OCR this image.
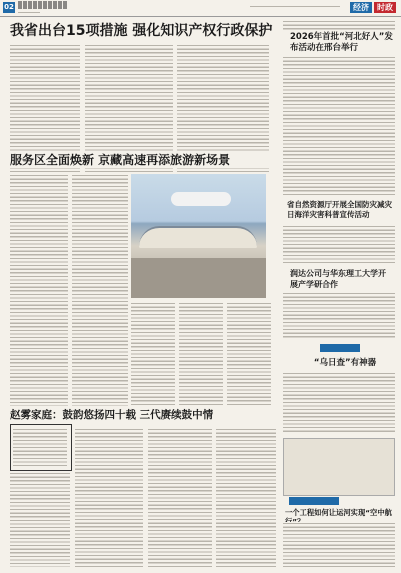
02	经济	时政
我省出台15项措施 强化知识产权行政保护 2026年首批“河北好人”发布活动在邢台举行
服务区全面焕新 京藏高速再添旅游新场景
省自然资源厅开展全国防灾减灾日海洋灾害科普宣传活动
润达公司与华东理工大学开展产学研合作
“乌日查”有神器
赵雾家庭：鼓韵悠扬四十载 三代赓续鼓中情
一个工程如何让运河实现“空中航
